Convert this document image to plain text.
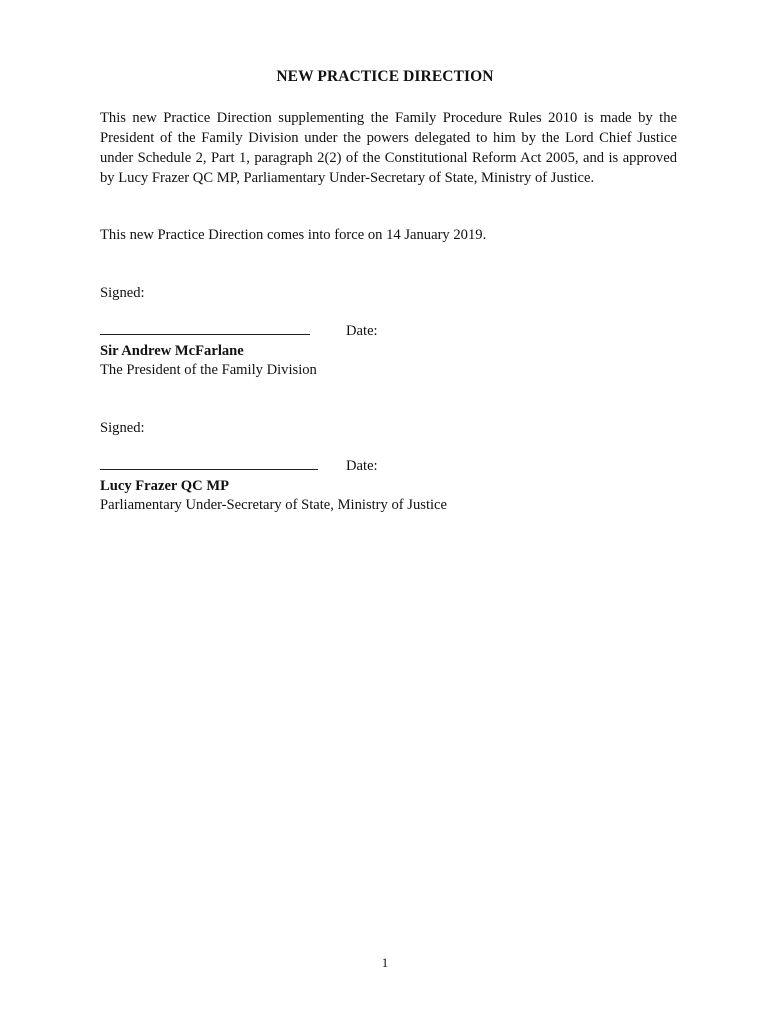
NEW PRACTICE DIRECTION
This new Practice Direction supplementing the Family Procedure Rules 2010 is made by the President of the Family Division under the powers delegated to him by the Lord Chief Justice under Schedule 2, Part 1, paragraph 2(2) of the Constitutional Reform Act 2005, and is approved by Lucy Frazer QC MP, Parliamentary Under-Secretary of State, Ministry of Justice.
This new Practice Direction comes into force on 14 January 2019.
Signed:
Date:
Sir Andrew McFarlane
The President of the Family Division
Signed:
Date:
Lucy Frazer QC MP
Parliamentary Under-Secretary of State, Ministry of Justice
1
